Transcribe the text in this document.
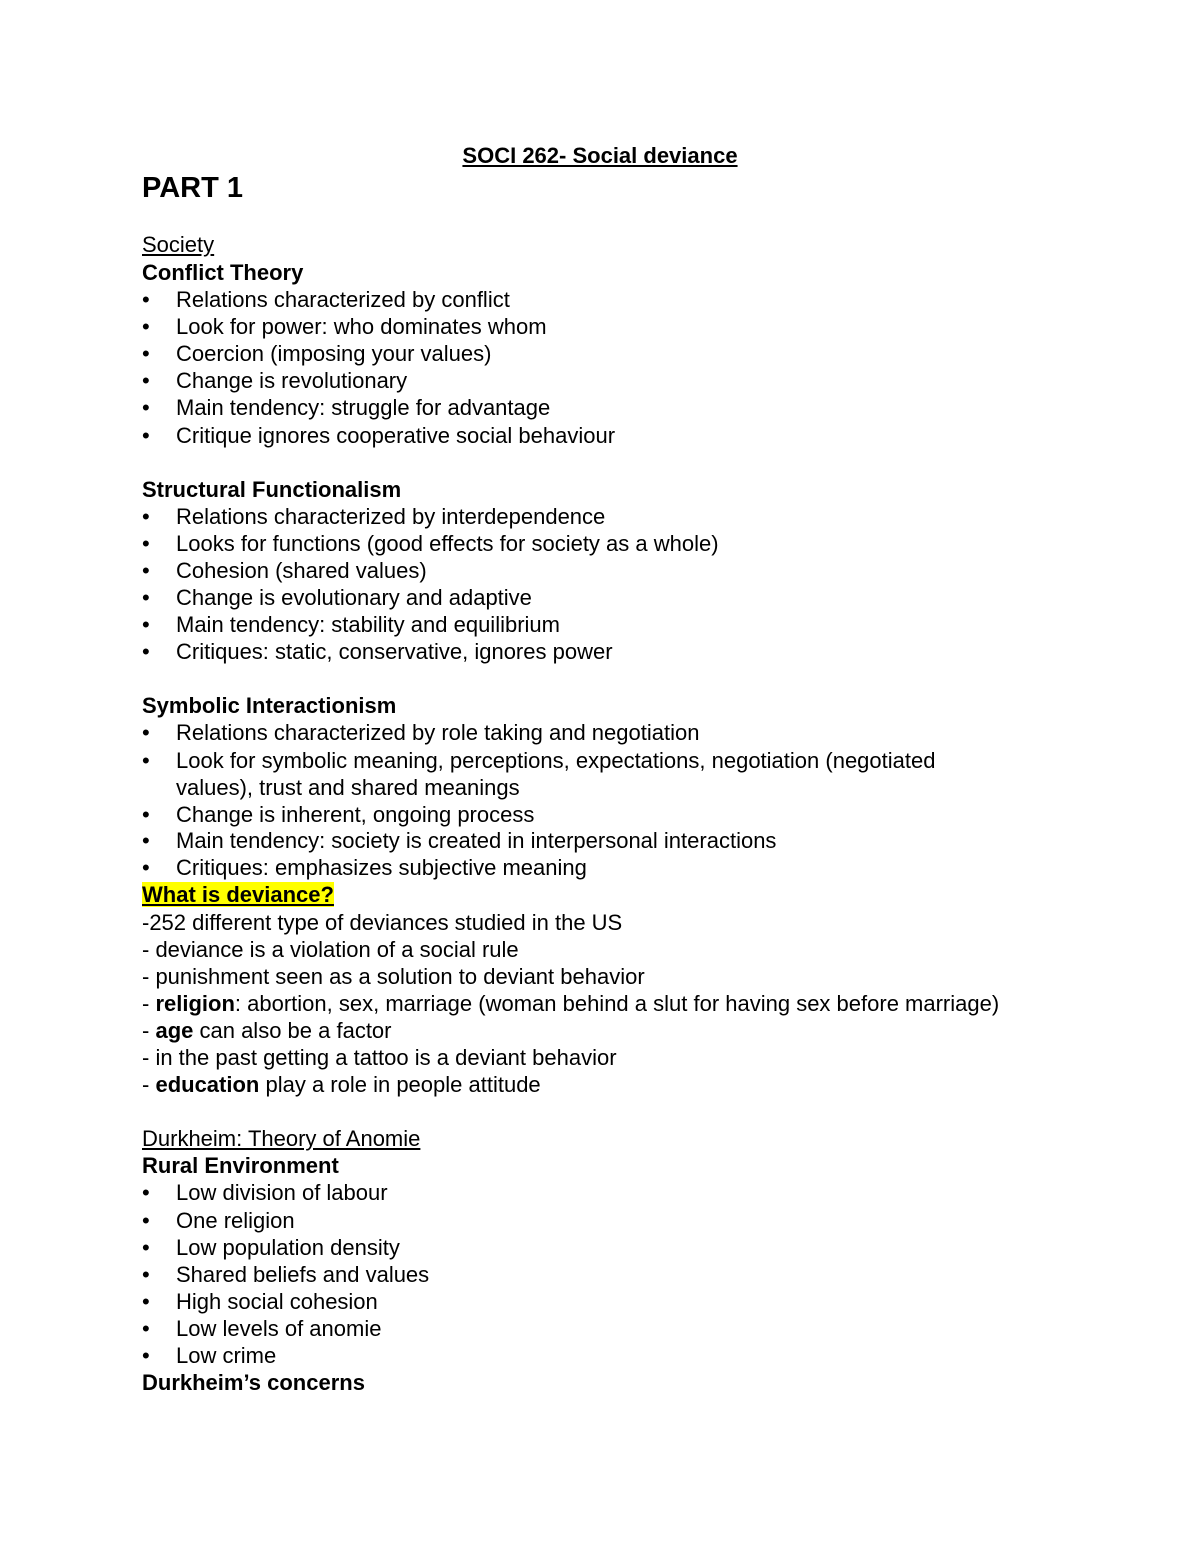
SOCI 262- Social deviance
PART 1
Society
Conflict Theory
•	Relations characterized by conflict
•	Look for power: who dominates whom
•	Coercion (imposing your values)
•	Change is revolutionary
•	Main tendency: struggle for advantage
•	Critique ignores cooperative social behaviour
Structural Functionalism
•	Relations characterized by interdependence
•	Looks for functions (good effects for society as a whole)
•	Cohesion (shared values)
•	Change is evolutionary and adaptive
•	Main tendency: stability and equilibrium
•	Critiques: static, conservative, ignores power
Symbolic Interactionism
•	Relations characterized by role taking and negotiation
•	Look for symbolic meaning, perceptions, expectations, negotiation (negotiated
values), trust and shared meanings
•	Change is inherent, ongoing process
•	Main tendency: society is created in interpersonal interactions
•	Critiques: emphasizes subjective meaning
What is deviance?
-252 different type of deviances studied in the US
- deviance is a violation of a social rule
- punishment seen as a solution to deviant behavior
- religion: abortion, sex, marriage (woman behind a slut for having sex before marriage)
- age can also be a factor
- in the past getting a tattoo is a deviant behavior
- education play a role in people attitude
Durkheim: Theory of Anomie
Rural Environment
•	Low division of labour
•	One religion
•	Low population density
•	Shared beliefs and values
•	High social cohesion
•	Low levels of anomie
•	Low crime
Durkheim’s concerns
